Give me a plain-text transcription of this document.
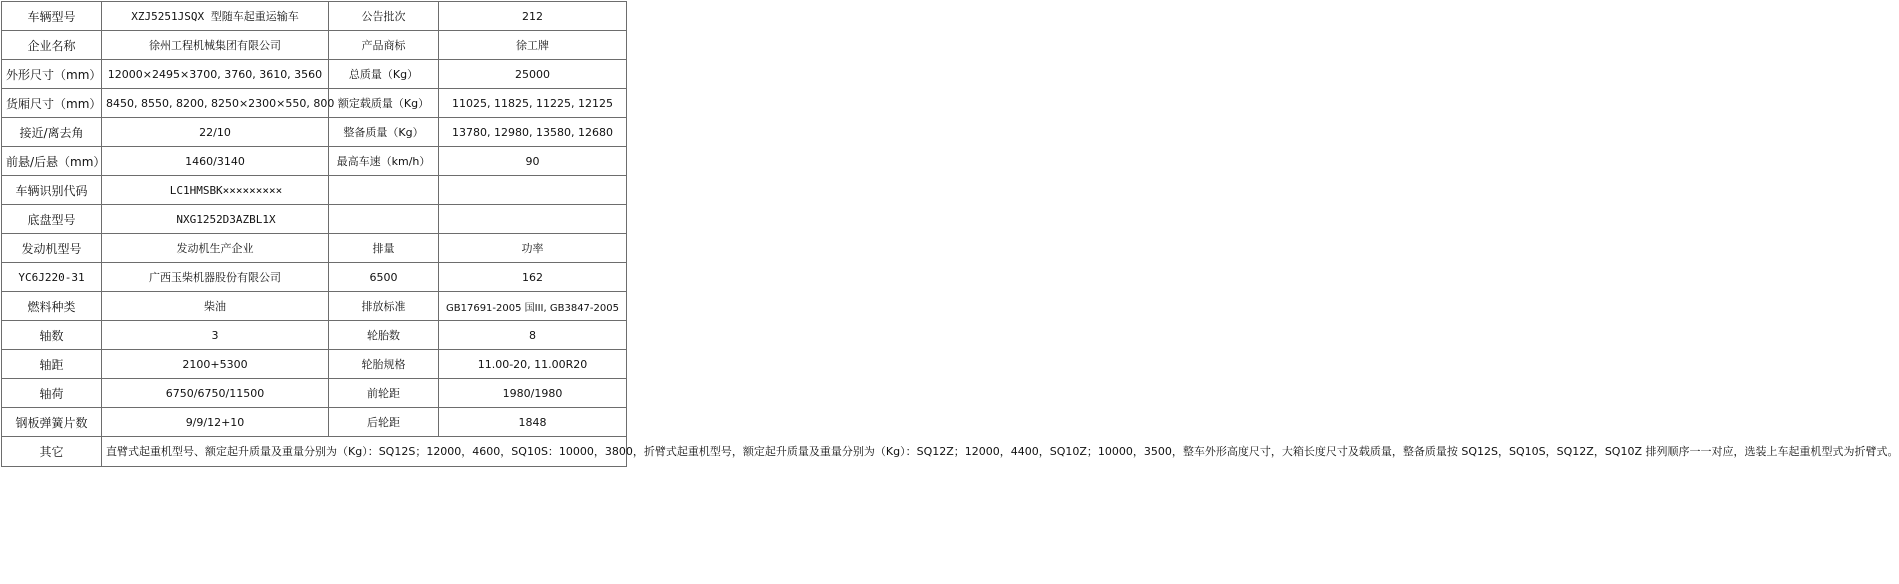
车辆型号	XZJ5251JSQX 型随车起重运输车	公告批次	212
企业名称	徐州工程机械集团有限公司	产品商标	徐工牌
外形尺寸（mm）	12000×2495×3700, 3760, 3610, 3560	总质量（Kg）	25000
货厢尺寸（mm）	8450, 8550, 8200, 8250×2300×550, 800	额定载质量（Kg）	11025, 11825, 11225, 12125
接近/离去角	22/10	整备质量（Kg）	13780, 12980, 13580, 12680
前悬/后悬（mm）	1460/3140	最高车速（km/h）	90
车辆识别代码	LC1HMSBK×××××××××		
底盘型号	NXG1252D3AZBL1X		
发动机型号	发动机生产企业	排量	功率
YC6J220-31	广西玉柴机器股份有限公司	6500	162
燃料种类	柴油	排放标准	GB17691-2005 国III, GB3847-2005
轴数	3	轮胎数	8
轴距	2100+5300	轮胎规格	11.00-20, 11.00R20
轴荷	6750/6750/11500	前轮距	1980/1980
钢板弹簧片数	9/9/12+10	后轮距	1848
其它	直臂式起重机型号、额定起升质量及重量分别为（Kg）：SQ12S；12000，4600，SQ10S：10000，3800，折臂式起重机型号，额定起升质量及重量分别为（Kg）：SQ12Z；12000，4400，SQ10Z；10000，3500，整车外形高度尺寸，大箱长度尺寸及载质量，整备质量按 SQ12S，SQ10S，SQ12Z，SQ10Z 排列顺序一一对应，选装上车起重机型式为折臂式。		
